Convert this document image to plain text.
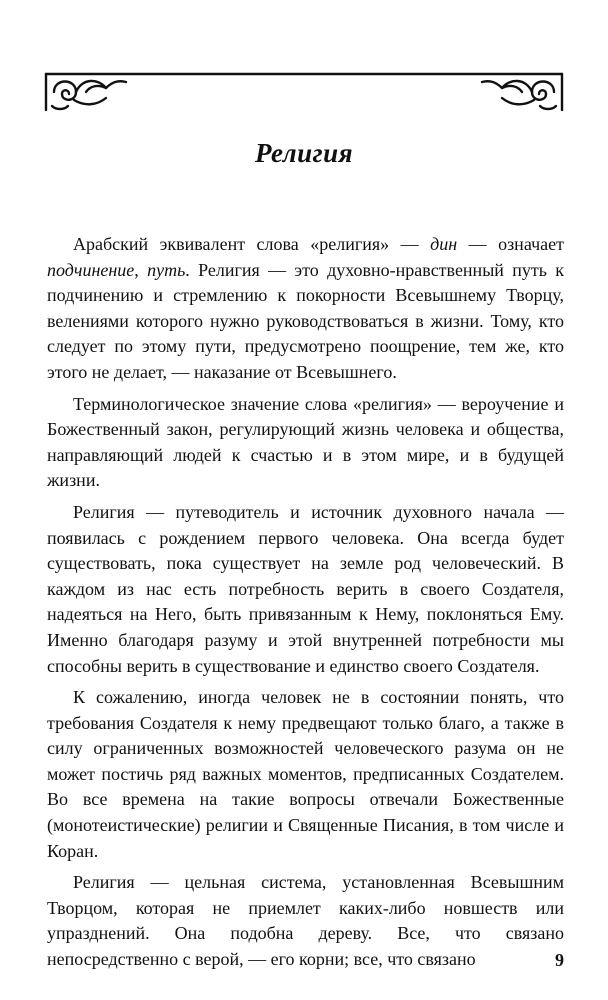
Религия

Арабский эквивалент слова «религия» — дин — означает подчинение, путь. Религия — это духовно-нравственный путь к подчинению и стремлению к покорности Всевышнему Творцу, велениями которого нужно руководствоваться в жизни. Тому, кто следует по этому пути, предусмотрено поощрение, тем же, кто этого не делает, — наказание от Всевышнего.

Терминологическое значение слова «религия» — вероучение и Божественный закон, регулирующий жизнь человека и общества, направляющий людей к счастью и в этом мире, и в будущей жизни.

Религия — путеводитель и источник духовного начала — появилась с рождением первого человека. Она всегда будет существовать, пока существует на земле род человеческий. В каждом из нас есть потребность верить в своего Создателя, надеяться на Него, быть привязанным к Нему, поклоняться Ему. Именно благодаря разуму и этой внутренней потребности мы способны верить в существование и единство своего Создателя.

К сожалению, иногда человек не в состоянии понять, что требования Создателя к нему предвещают только благо, а также в силу ограниченных возможностей человеческого разума он не может постичь ряд важных моментов, предписанных Создателем. Во все времена на такие вопросы отвечали Божественные (монотеистические) религии и Священные Писания, в том числе и Коран.

Религия — цельная система, установленная Всевышним Творцом, которая не приемлет каких-либо новшеств или упразднений. Она подобна дереву. Все, что связано непосредственно с верой, — его корни; все, что связано	9
